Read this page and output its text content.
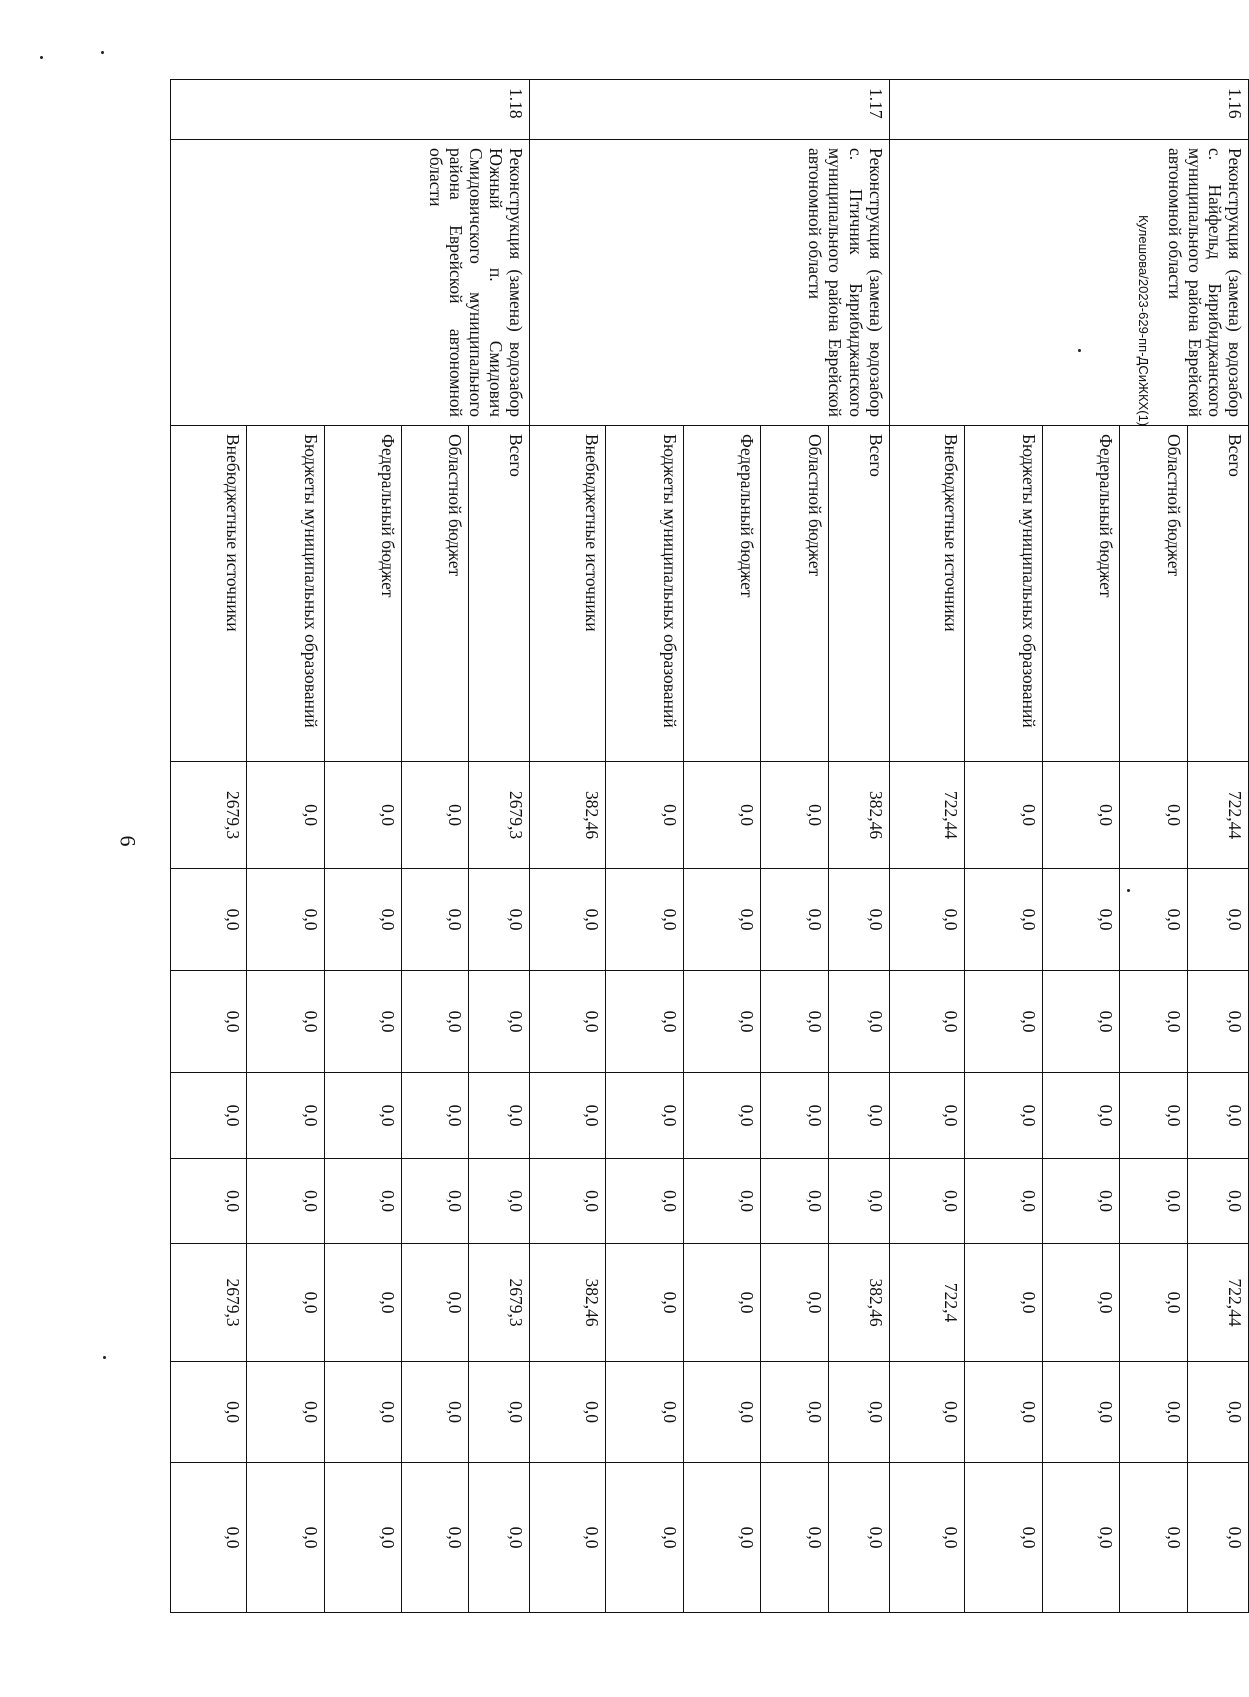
6
Кулешова/2023-629-пп-ДСиЖКХ(1)
1.16	Реконструкция (замена) водозабор с. Найфельд Бирибиджанского муниципального района Еврейской автономной области	Всего	722,44	0,0	0,0	0,0	0,0	722,44	0,0	0,0
		Областной бюджет	0,0	0,0	0,0	0,0	0,0	0,0	0,0	0,0
		Федеральный бюджет	0,0	0,0	0,0	0,0	0,0	0,0	0,0	0,0
		Бюджеты муниципальных образований	0,0	0,0	0,0	0,0	0,0	0,0	0,0	0,0
		Внебюджетные источники	722,44	0,0	0,0	0,0	0,0	722,4	0,0	0,0
1.17	Реконструкция (замена) водозабор с. Птичник Бирибиджанского муниципального района Еврейской автономной области	Всего	382,46	0,0	0,0	0,0	0,0	382,46	0,0	0,0
		Областной бюджет	0,0	0,0	0,0	0,0	0,0	0,0	0,0	0,0
		Федеральный бюджет	0,0	0,0	0,0	0,0	0,0	0,0	0,0	0,0
		Бюджеты муниципальных образований	0,0	0,0	0,0	0,0	0,0	0,0	0,0	0,0
		Внебюджетные источники	382,46	0,0	0,0	0,0	0,0	382,46	0,0	0,0
1.18	Реконструкция (замена) водозабор Южный п. Смидович Смидовичского муниципального района Еврейской автономной области	Всего	2679,3	0,0	0,0	0,0	0,0	2679,3	0,0	0,0
		Областной бюджет	0,0	0,0	0,0	0,0	0,0	0,0	0,0	0,0
		Федеральный бюджет	0,0	0,0	0,0	0,0	0,0	0,0	0,0	0,0
		Бюджеты муниципальных образований	0,0	0,0	0,0	0,0	0,0	0,0	0,0	0,0
		Внебюджетные источники	2679,3	0,0	0,0	0,0	0,0	2679,3	0,0	0,0
